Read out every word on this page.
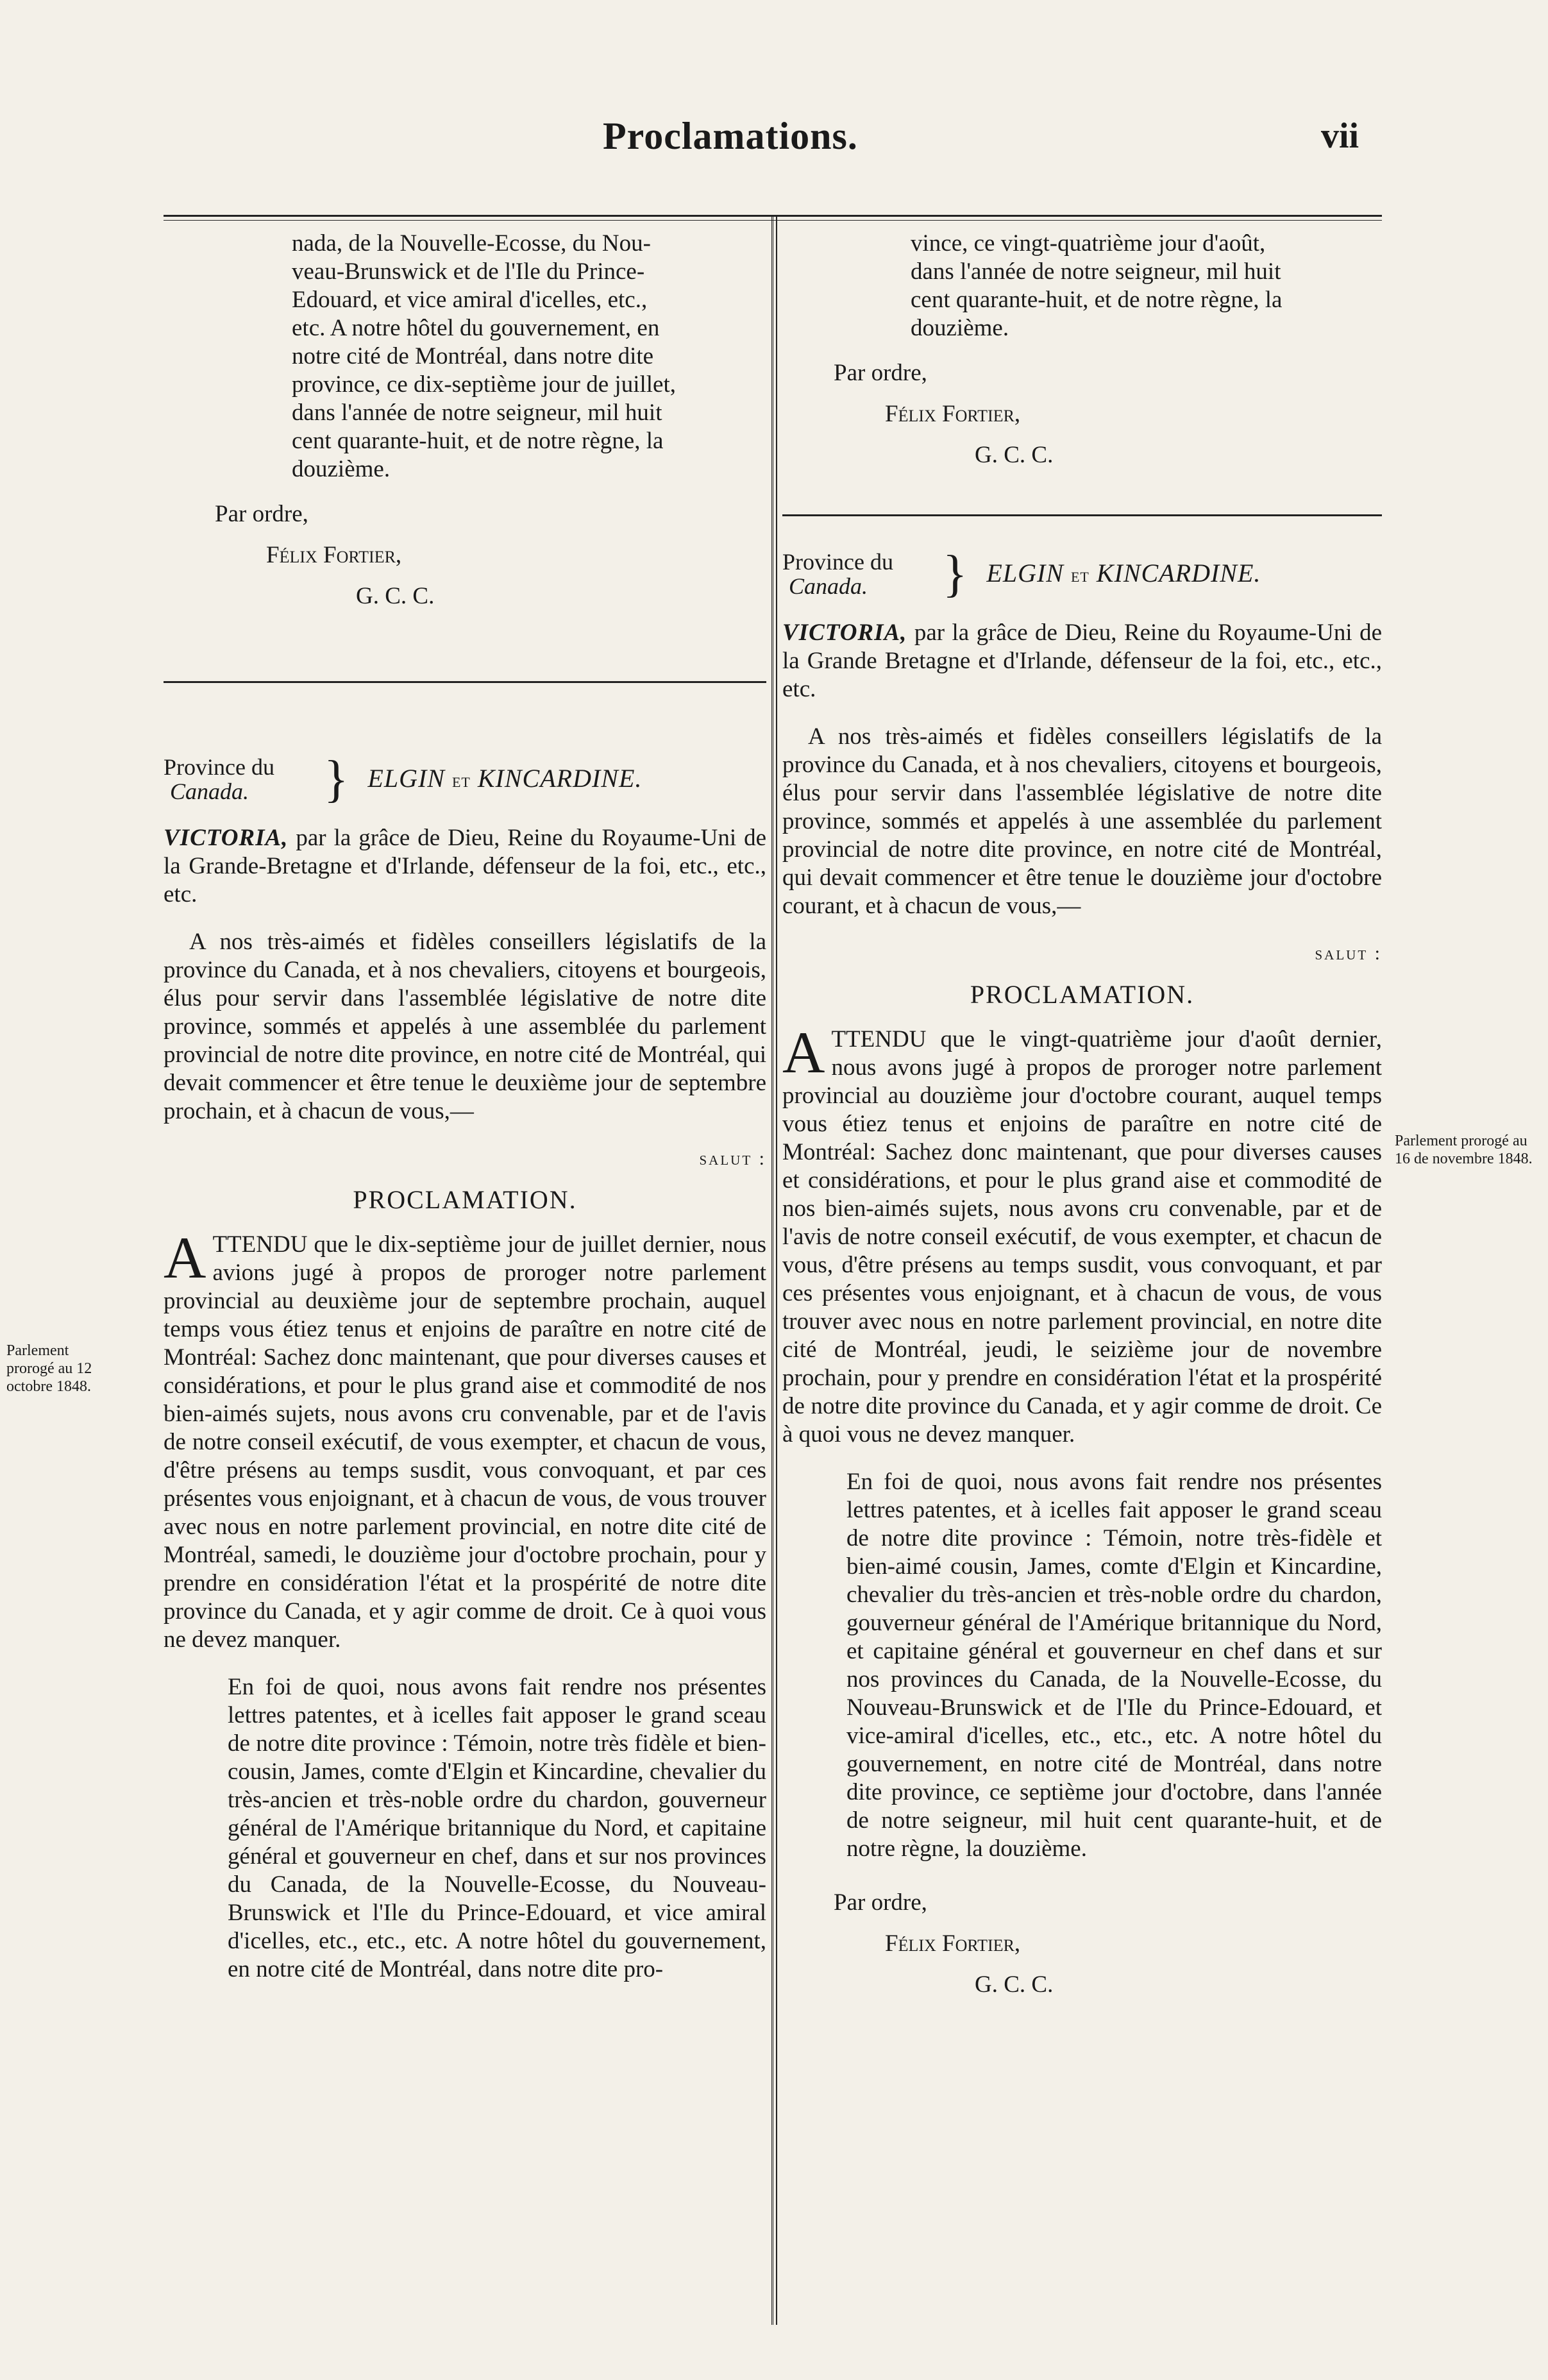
Proclamations.	vii

nada, de la Nouvelle-Ecosse, du Nou-

veau-Brunswick et de l'Ile du Prince-

Edouard, et vice amiral d'icelles, etc.,

etc. A notre hôtel du gouvernement, en

notre cité de Montréal, dans notre dite

province, ce dix-septième jour de juillet,

dans l'année de notre seigneur, mil huit

cent quarante-huit, et de notre règne, la

douzième.

Par ordre,

Félix Fortier,

G. C. C.

Province du
Canada.	} ELGIN et KINCARDINE.

VICTORIA, par la grâce de Dieu, Reine du Royaume-Uni de la Grande-Bretagne et d'Irlande, défenseur de la foi, etc., etc., etc.

A nos très-aimés et fidèles conseillers législatifs de la province du Canada, et à nos chevaliers, citoyens et bourgeois, élus pour servir dans l'assemblée législative de notre dite province, sommés et appelés à une assemblée du parlement provincial de notre dite province, en notre cité de Montréal, qui devait commencer et être tenue le deuxième jour de septembre prochain, et à chacun de vous,—

salut :

PROCLAMATION.

ATTENDU que le dix-septième jour de juillet dernier, nous avions jugé à propos de proroger notre parlement provincial au deuxième jour de septembre prochain, auquel temps vous étiez tenus et enjoins de paraître en notre cité de Montréal: Sachez donc maintenant, que pour diverses causes et considérations, et pour le plus grand aise et commodité de nos bien-aimés sujets, nous avons cru convenable, par et de l'avis de notre conseil exécutif, de vous exempter, et chacun de vous, d'être présens au temps susdit, vous convoquant, et par ces présentes vous enjoignant, et à chacun de vous, de vous trouver avec nous en notre parlement provincial, en notre dite cité de Montréal, samedi, le douzième jour d'octobre prochain, pour y prendre en considération l'état et la prospérité de notre dite province du Canada, et y agir comme de droit. Ce à quoi vous ne devez manquer.

En foi de quoi, nous avons fait rendre nos présentes lettres patentes, et à icelles fait apposer le grand sceau de notre dite province : Témoin, notre très fidèle et bien-cousin, James, comte d'Elgin et Kincardine, chevalier du très-ancien et très-noble ordre du chardon, gouverneur général de l'Amérique britannique du Nord, et capitaine général et gouverneur en chef, dans et sur nos provinces du Canada, de la Nouvelle-Ecosse, du Nouveau-Brunswick et l'Ile du Prince-Edouard, et vice amiral d'icelles, etc., etc., etc. A notre hôtel du gouvernement, en notre cité de Montréal, dans notre dite pro-

vince, ce vingt-quatrième jour d'août,

dans l'année de notre seigneur, mil huit

cent quarante-huit, et de notre règne, la

douzième.

Par ordre,

Félix Fortier,

G. C. C.

Province du
Canada.	} ELGIN et KINCARDINE.

VICTORIA, par la grâce de Dieu, Reine du Royaume-Uni de la Grande Bretagne et d'Irlande, défenseur de la foi, etc., etc., etc.

A nos très-aimés et fidèles conseillers législatifs de la province du Canada, et à nos chevaliers, citoyens et bourgeois, élus pour servir dans l'assemblée législative de notre dite province, sommés et appelés à une assemblée du parlement provincial de notre dite province, en notre cité de Montréal, qui devait commencer et être tenue le douzième jour d'octobre courant, et à chacun de vous,—

salut :

PROCLAMATION.

ATTENDU que le vingt-quatrième jour d'août dernier, nous avons jugé à propos de proroger notre parlement provincial au douzième jour d'octobre courant, auquel temps vous étiez tenus et enjoins de paraître en notre cité de Montréal: Sachez donc maintenant, que pour diverses causes et considérations, et pour le plus grand aise et commodité de nos bien-aimés sujets, nous avons cru convenable, par et de l'avis de notre conseil exécutif, de vous exempter, et chacun de vous, d'être présens au temps susdit, vous convoquant, et par ces présentes vous enjoignant, et à chacun de vous, de vous trouver avec nous en notre parlement provincial, en notre dite cité de Montréal, jeudi, le seizième jour de novembre prochain, pour y prendre en considération l'état et la prospérité de notre dite province du Canada, et y agir comme de droit. Ce à quoi vous ne devez manquer.

En foi de quoi, nous avons fait rendre nos présentes lettres patentes, et à icelles fait apposer le grand sceau de notre dite province : Témoin, notre très-fidèle et bien-aimé cousin, James, comte d'Elgin et Kincardine, chevalier du très-ancien et très-noble ordre du chardon, gouverneur général de l'Amérique britannique du Nord, et capitaine général et gouverneur en chef dans et sur nos provinces du Canada, de la Nouvelle-Ecosse, du Nouveau-Brunswick et de l'Ile du Prince-Edouard, et vice-amiral d'icelles, etc., etc., etc. A notre hôtel du gouvernement, en notre cité de Montréal, dans notre dite province, ce septième jour d'octobre, dans l'année de notre seigneur, mil huit cent quarante-huit, et de notre règne, la douzième.

Par ordre,

Félix Fortier,

G. C. C.

Parlement prorogé au 12 octobre 1848.
Parlement prorogé au 16 de novembre 1848.
